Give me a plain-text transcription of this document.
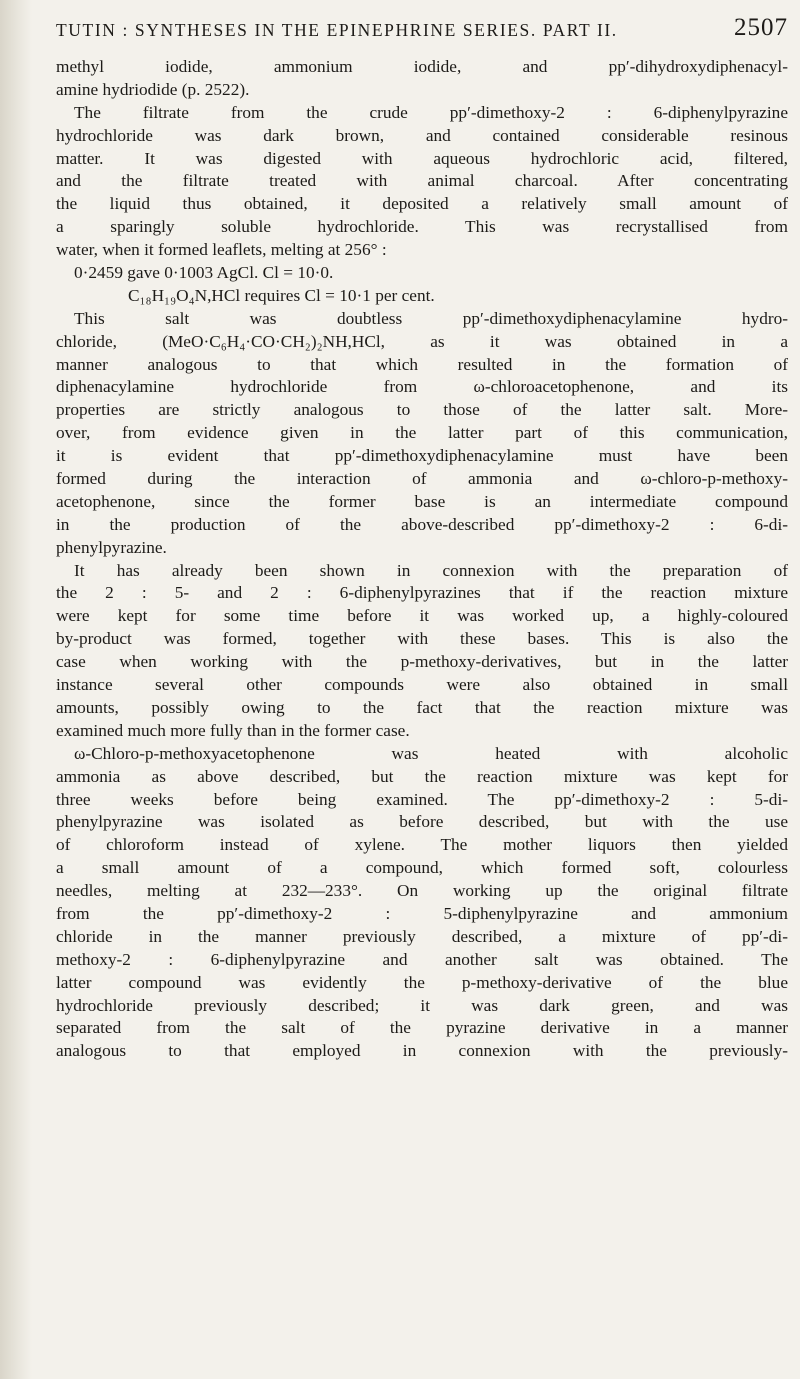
TUTIN : SYNTHESES IN THE EPINEPHRINE SERIES. PART II.	2507
methyl iodide, ammonium iodide, and pp′-dihydroxydiphenacyl-
amine hydriodide (p. 2522).
The filtrate from the crude pp′-dimethoxy-2 : 6-diphenylpyrazine
hydrochloride was dark brown, and contained considerable resinous
matter. It was digested with aqueous hydrochloric acid, filtered,
and the filtrate treated with animal charcoal. After concentrating
the liquid thus obtained, it deposited a relatively small amount of
a sparingly soluble hydrochloride. This was recrystallised from
water, when it formed leaflets, melting at 256° :
0·2459 gave 0·1003 AgCl. Cl = 10·0.
C₁₈H₁₉O₄N,HCl requires Cl = 10·1 per cent.
This salt was doubtless pp′-dimethoxydiphenacylamine hydro-
chloride, (MeO·C₆H₄·CO·CH₂)₂NH,HCl, as it was obtained in a
manner analogous to that which resulted in the formation of
diphenacylamine hydrochloride from ω-chloroacetophenone, and its
properties are strictly analogous to those of the latter salt. More-
over, from evidence given in the latter part of this communication,
it is evident that pp′-dimethoxydiphenacylamine must have been
formed during the interaction of ammonia and ω-chloro-p-methoxy-
acetophenone, since the former base is an intermediate compound
in the production of the above-described pp′-dimethoxy-2 : 6-di-
phenylpyrazine.
It has already been shown in connexion with the preparation of
the 2 : 5- and 2 : 6-diphenylpyrazines that if the reaction mixture
were kept for some time before it was worked up, a highly-coloured
by-product was formed, together with these bases. This is also the
case when working with the p-methoxy-derivatives, but in the latter
instance several other compounds were also obtained in small
amounts, possibly owing to the fact that the reaction mixture was
examined much more fully than in the former case.
ω-Chloro-p-methoxyacetophenone was heated with alcoholic
ammonia as above described, but the reaction mixture was kept for
three weeks before being examined. The pp′-dimethoxy-2 : 5-di-
phenylpyrazine was isolated as before described, but with the use
of chloroform instead of xylene. The mother liquors then yielded
a small amount of a compound, which formed soft, colourless
needles, melting at 232—233°. On working up the original filtrate
from the pp′-dimethoxy-2 : 5-diphenylpyrazine and ammonium
chloride in the manner previously described, a mixture of pp′-di-
methoxy-2 : 6-diphenylpyrazine and another salt was obtained. The
latter compound was evidently the p-methoxy-derivative of the blue
hydrochloride previously described; it was dark green, and was
separated from the salt of the pyrazine derivative in a manner
analogous to that employed in connexion with the previously-
